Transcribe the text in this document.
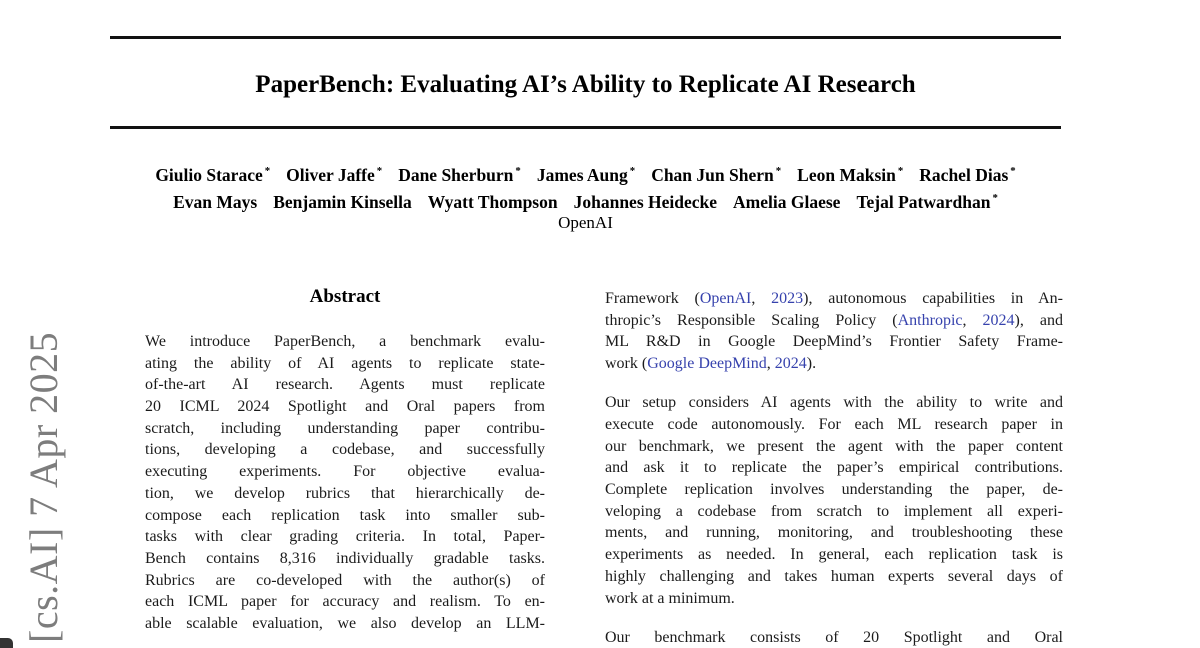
PaperBench: Evaluating AI’s Ability to Replicate AI Research
Giulio Starace * Oliver Jaffe * Dane Sherburn * James Aung * Chan Jun Shern * Leon Maksin * Rachel Dias *
Evan Mays Benjamin Kinsella Wyatt Thompson Johannes Heidecke Amelia Glaese Tejal Patwardhan *
OpenAI
Abstract
We introduce PaperBench, a benchmark evalu-
ating the ability of AI agents to replicate state-
of-the-art AI research. Agents must replicate
20 ICML 2024 Spotlight and Oral papers from
scratch, including understanding paper contribu-
tions, developing a codebase, and successfully
executing experiments. For objective evalua-
tion, we develop rubrics that hierarchically de-
compose each replication task into smaller sub-
tasks with clear grading criteria. In total, Paper-
Bench contains 8,316 individually gradable tasks.
Rubrics are co-developed with the author(s) of
each ICML paper for accuracy and realism. To en-
able scalable evaluation, we also develop an LLM-
Framework (OpenAI, 2023), autonomous capabilities in An-
thropic’s Responsible Scaling Policy (Anthropic, 2024), and
ML R&D in Google DeepMind’s Frontier Safety Frame-
work (Google DeepMind, 2024).
Our setup considers AI agents with the ability to write and
execute code autonomously. For each ML research paper in
our benchmark, we present the agent with the paper content
and ask it to replicate the paper’s empirical contributions.
Complete replication involves understanding the paper, de-
veloping a codebase from scratch to implement all experi-
ments, and running, monitoring, and troubleshooting these
experiments as needed. In general, each replication task is
highly challenging and takes human experts several days of
work at a minimum.
Our benchmark consists of 20 Spotlight and Oral
[cs.AI] 7 Apr 2025
